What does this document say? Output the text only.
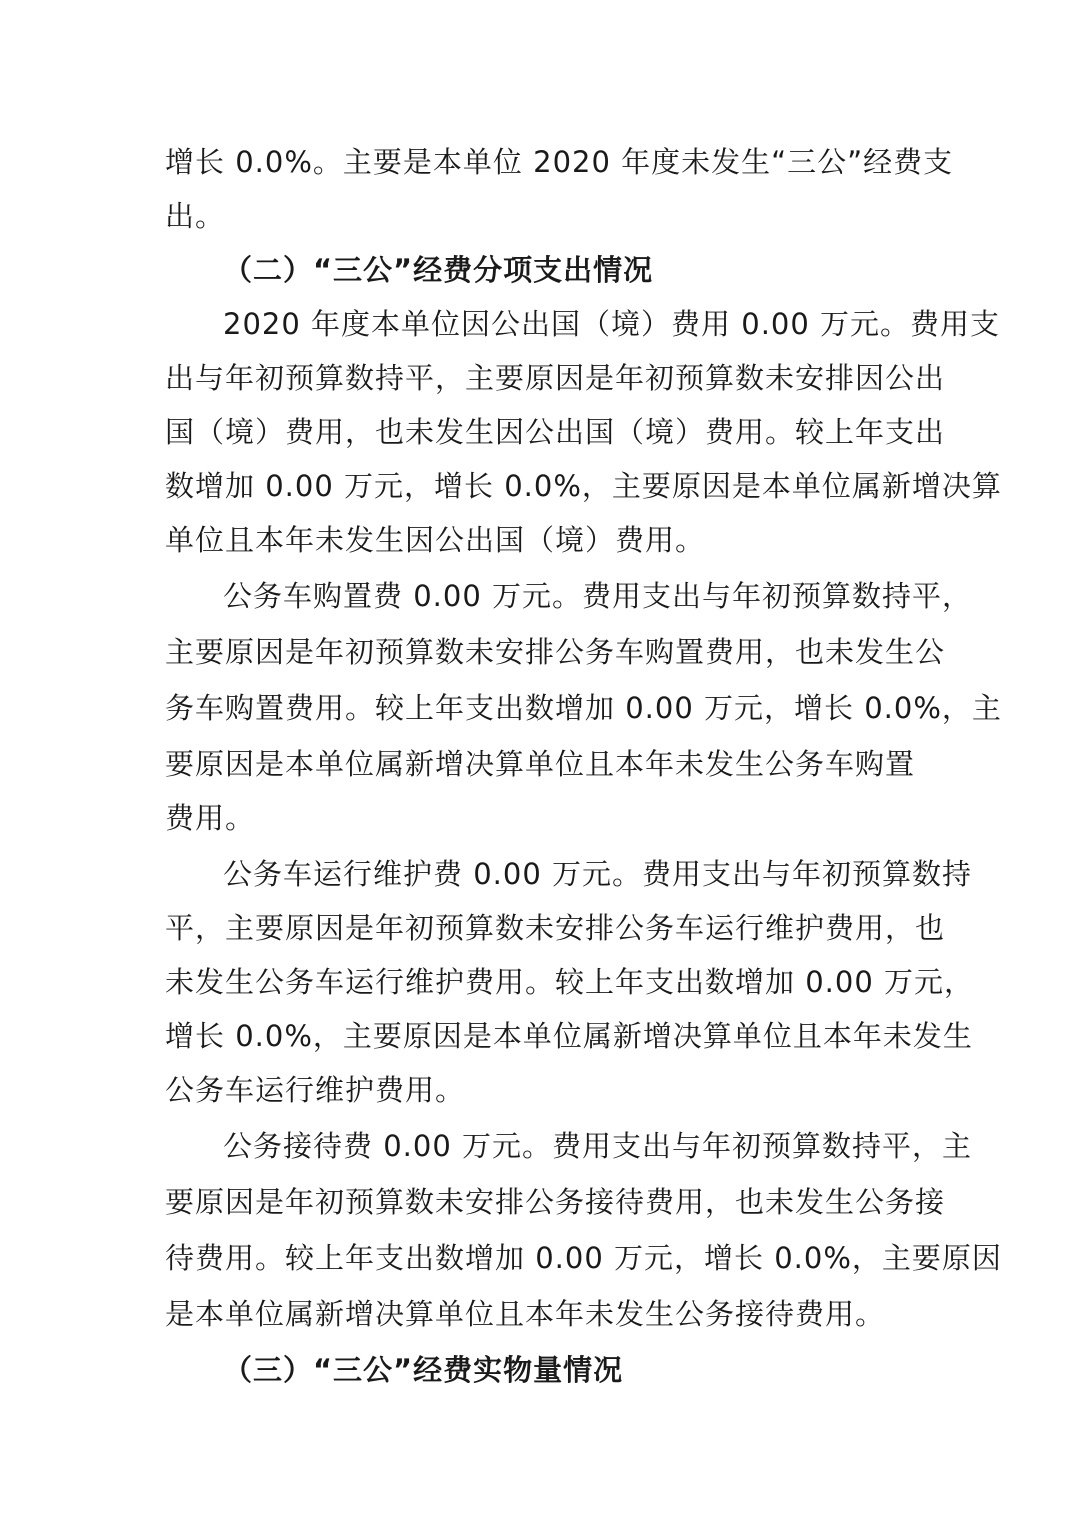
增长 0.0%。主要是本单位 2020 年度未发生“三公”经费支
出。
（二）“三公”经费分项支出情况
2020 年度本单位因公出国（境）费用 0.00 万元。费用支
出与年初预算数持平，主要原因是年初预算数未安排因公出
国（境）费用，也未发生因公出国（境）费用。较上年支出
数增加 0.00 万元，增长 0.0%，主要原因是本单位属新增决算
单位且本年未发生因公出国（境）费用。
公务车购置费 0.00 万元。费用支出与年初预算数持平，
主要原因是年初预算数未安排公务车购置费用，也未发生公
务车购置费用。较上年支出数增加 0.00 万元，增长 0.0%，主
要原因是本单位属新增决算单位且本年未发生公务车购置
费用。
公务车运行维护费 0.00 万元。费用支出与年初预算数持
平，主要原因是年初预算数未安排公务车运行维护费用，也
未发生公务车运行维护费用。较上年支出数增加 0.00 万元，
增长 0.0%，主要原因是本单位属新增决算单位且本年未发生
公务车运行维护费用。
公务接待费 0.00 万元。费用支出与年初预算数持平，主
要原因是年初预算数未安排公务接待费用，也未发生公务接
待费用。较上年支出数增加 0.00 万元，增长 0.0%，主要原因
是本单位属新增决算单位且本年未发生公务接待费用。
（三）“三公”经费实物量情况
